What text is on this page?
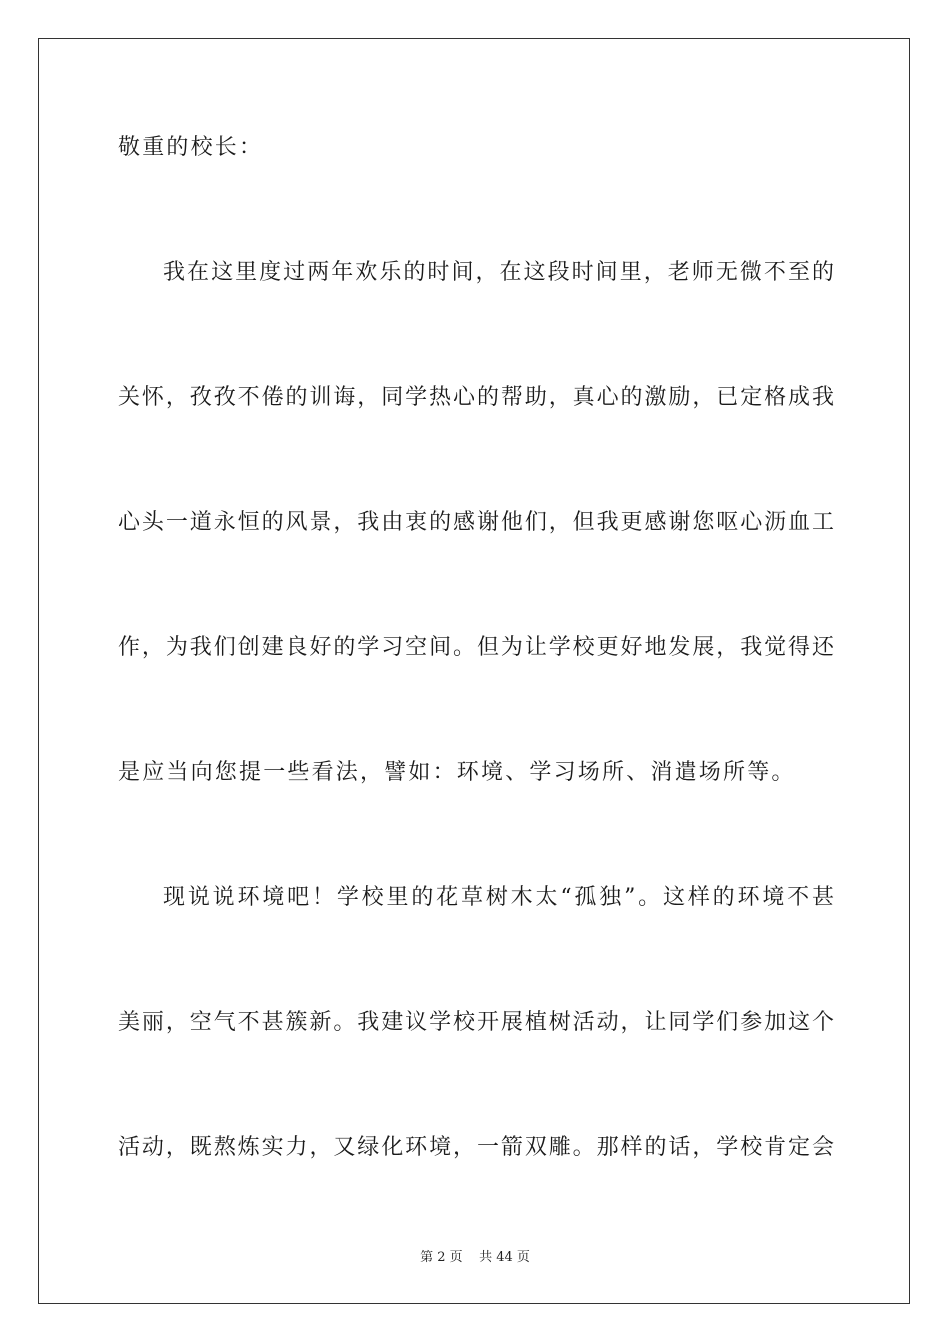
敬重的校长：
我在这里度过两年欢乐的时间，在这段时间里，老师无微不至的
关怀，孜孜不倦的训诲，同学热心的帮助，真心的激励，已定格成我
心头一道永恒的风景，我由衷的感谢他们，但我更感谢您呕心沥血工
作，为我们创建良好的学习空间。但为让学校更好地发展，我觉得还
是应当向您提一些看法，譬如：环境、学习场所、消遣场所等。
现说说环境吧！学校里的花草树木太“孤独”。这样的环境不甚
美丽，空气不甚簇新。我建议学校开展植树活动，让同学们参加这个
活动，既熬炼实力，又绿化环境，一箭双雕。那样的话，学校肯定会
第 2 页    共 44 页
